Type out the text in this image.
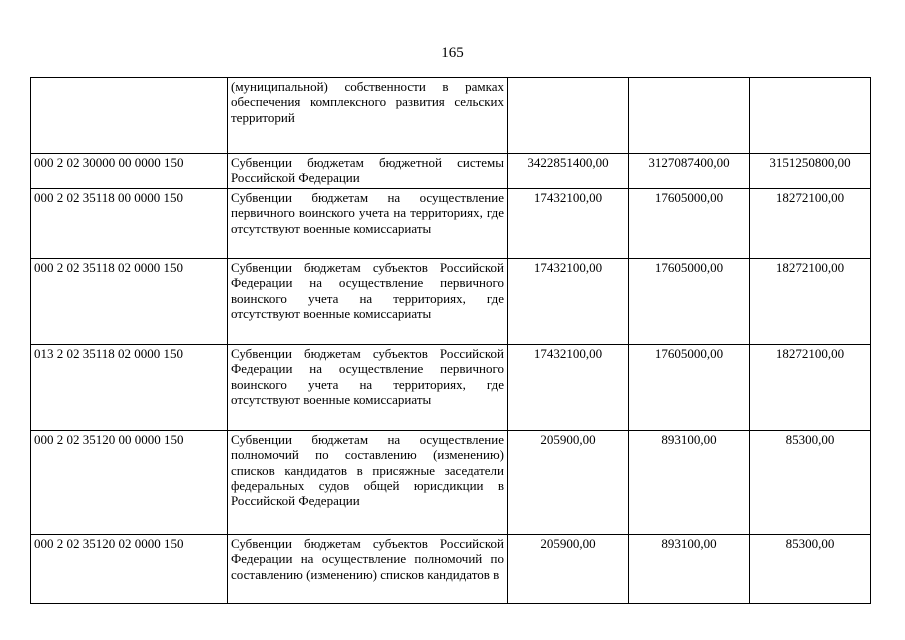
165
	(муниципальной) собственности в рамках обеспечения комплексного развития сельских территорий			
000 2 02 30000 00 0000 150	Субвенции бюджетам бюджетной системы Российской Федерации	3422851400,00	3127087400,00	3151250800,00
000 2 02 35118 00 0000 150	Субвенции бюджетам на осуществление первичного воинского учета на территориях, где отсутствуют военные комиссариаты	17432100,00	17605000,00	18272100,00
000 2 02 35118 02 0000 150	Субвенции бюджетам субъектов Российской Федерации на осуществление первичного воинского учета на территориях, где отсутствуют военные комиссариаты	17432100,00	17605000,00	18272100,00
013 2 02 35118 02 0000 150	Субвенции бюджетам субъектов Российской Федерации на осуществление первичного воинского учета на территориях, где отсутствуют военные комиссариаты	17432100,00	17605000,00	18272100,00
000 2 02 35120 00 0000 150	Субвенции бюджетам на осуществление полномочий по составлению (изменению) списков кандидатов в присяжные заседатели федеральных судов общей юрисдикции в Российской Федерации	205900,00	893100,00	85300,00
000 2 02 35120 02 0000 150	Субвенции бюджетам субъектов Российской Федерации на осуществление полномочий по составлению (изменению) списков кандидатов в	205900,00	893100,00	85300,00
